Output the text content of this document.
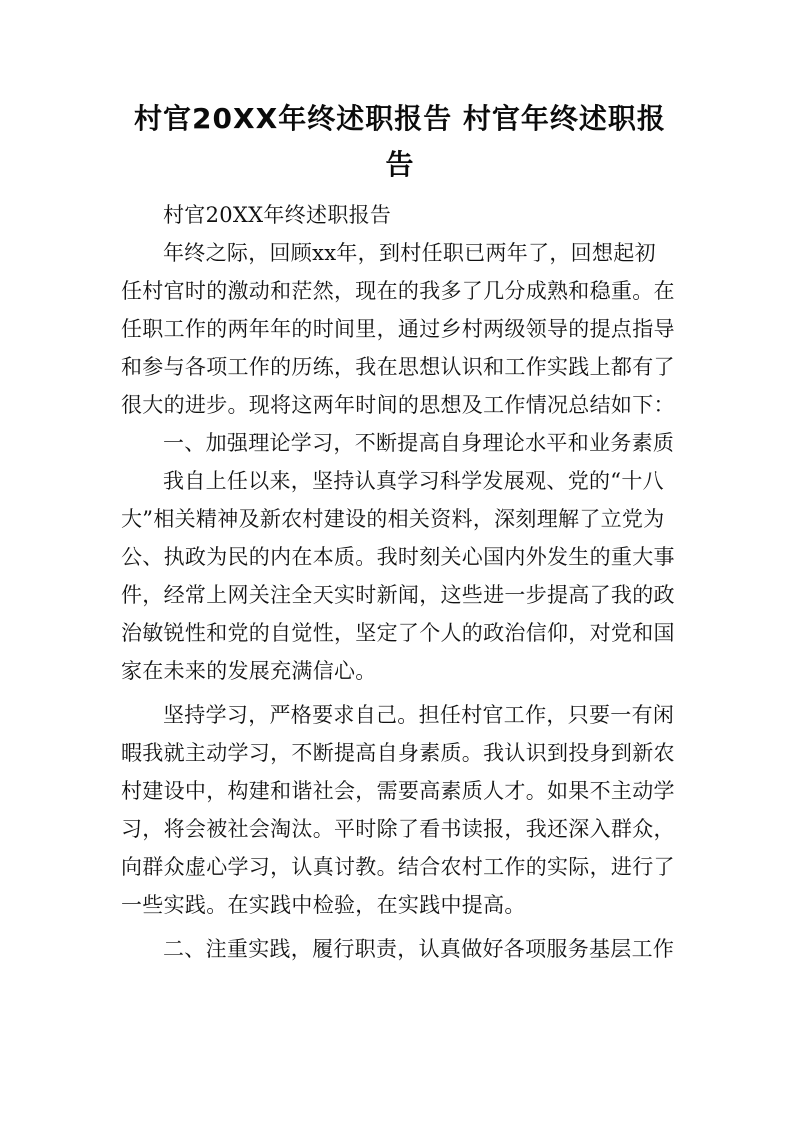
村官20XX年终述职报告 村官年终述职报
告
村官20XX年终述职报告
年终之际，回顾xx年，到村任职已两年了，回想起初
任村官时的激动和茫然，现在的我多了几分成熟和稳重。在
任职工作的两年年的时间里，通过乡村两级领导的提点指导
和参与各项工作的历练，我在思想认识和工作实践上都有了
很大的进步。现将这两年时间的思想及工作情况总结如下：
一、加强理论学习，不断提高自身理论水平和业务素质
我自上任以来，坚持认真学习科学发展观、党的“十八
大”相关精神及新农村建设的相关资料，深刻理解了立党为
公、执政为民的内在本质。我时刻关心国内外发生的重大事
件，经常上网关注全天实时新闻，这些进一步提高了我的政
治敏锐性和党的自觉性，坚定了个人的政治信仰，对党和国
家在未来的发展充满信心。
坚持学习，严格要求自己。担任村官工作，只要一有闲
暇我就主动学习，不断提高自身素质。我认识到投身到新农
村建设中，构建和谐社会，需要高素质人才。如果不主动学
习，将会被社会淘汰。平时除了看书读报，我还深入群众，
向群众虚心学习，认真讨教。结合农村工作的实际，进行了
一些实践。在实践中检验，在实践中提高。
二、注重实践，履行职责，认真做好各项服务基层工作
